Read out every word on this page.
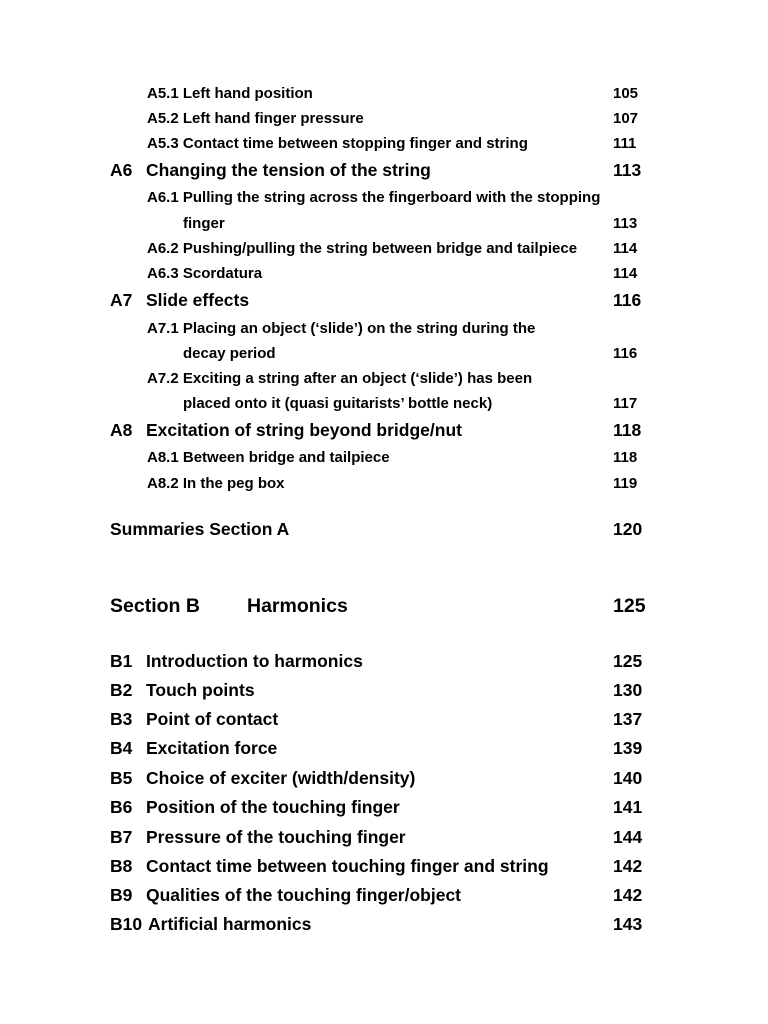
A5.1 Left hand position	105
A5.2 Left hand finger pressure	107
A5.3 Contact time between stopping finger and string	111
A6 Changing the tension of the string	113
A6.1 Pulling the string across the fingerboard with the stopping
finger	113
A6.2 Pushing/pulling the string between bridge and tailpiece 114
A6.3 Scordatura	114
A7 Slide effects	116
A7.1 Placing an object (‘slide’) on the string during the
decay period	116
A7.2 Exciting a string after an object (‘slide’) has been
placed onto it (quasi guitarists’ bottle neck)	117
A8 Excitation of string beyond bridge/nut	118
A8.1 Between bridge and tailpiece	118
A8.2 In the peg box	119
Summaries Section A	120
Section B Harmonics	125
B1 Introduction to harmonics	125
B2 Touch points	130
B3 Point of contact	137
B4 Excitation force	139
B5 Choice of exciter (width/density)	140
B6 Position of the touching finger	141
B7 Pressure of the touching finger	144
B8 Contact time between touching finger and string	142
B9 Qualities of the touching finger/object	142
B10 Artificial harmonics	143
